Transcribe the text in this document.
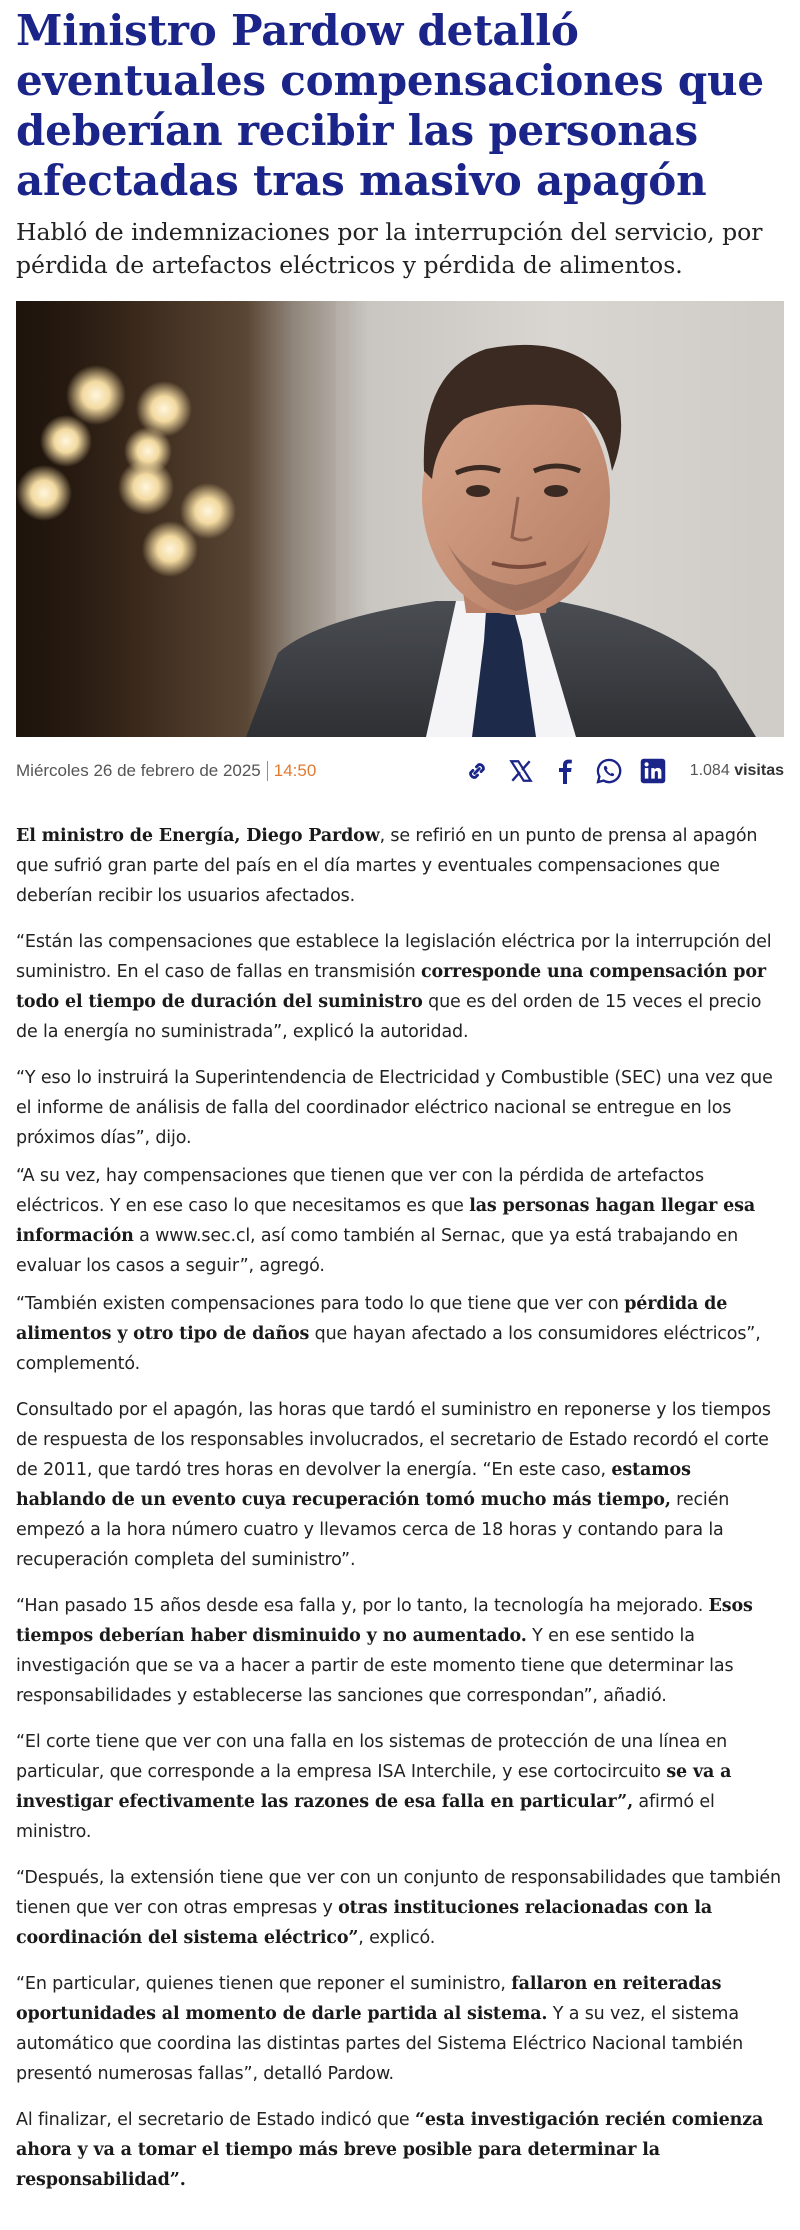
Ministro Pardow detalló eventuales compensaciones que deberían recibir las personas afectadas tras masivo apagón

Habló de indemnizaciones por la interrupción del servicio, por pérdida de artefactos eléctricos y pérdida de alimentos.

Miércoles 26 de febrero de 2025 14:50	1.084 visitas

El ministro de Energía, Diego Pardow, se refirió en un punto de prensa al apagón que sufrió gran parte del país en el día martes y eventuales compensaciones que deberían recibir los usuarios afectados.

“Están las compensaciones que establece la legislación eléctrica por la interrupción del suministro. En el caso de fallas en transmisión corresponde una compensación por todo el tiempo de duración del suministro que es del orden de 15 veces el precio de la energía no suministrada”, explicó la autoridad.

“Y eso lo instruirá la Superintendencia de Electricidad y Combustible (SEC) una vez que el informe de análisis de falla del coordinador eléctrico nacional se entregue en los próximos días”, dijo.

“A su vez, hay compensaciones que tienen que ver con la pérdida de artefactos eléctricos. Y en ese caso lo que necesitamos es que las personas hagan llegar esa información a www.sec.cl, así como también al Sernac, que ya está trabajando en evaluar los casos a seguir”, agregó.

“También existen compensaciones para todo lo que tiene que ver con pérdida de alimentos y otro tipo de daños que hayan afectado a los consumidores eléctricos”, complementó.

Consultado por el apagón, las horas que tardó el suministro en reponerse y los tiempos de respuesta de los responsables involucrados, el secretario de Estado recordó el corte de 2011, que tardó tres horas en devolver la energía. “En este caso, estamos hablando de un evento cuya recuperación tomó mucho más tiempo, recién empezó a la hora número cuatro y llevamos cerca de 18 horas y contando para la recuperación completa del suministro”.

“Han pasado 15 años desde esa falla y, por lo tanto, la tecnología ha mejorado. Esos tiempos deberían haber disminuido y no aumentado. Y en ese sentido la investigación que se va a hacer a partir de este momento tiene que determinar las responsabilidades y establecerse las sanciones que correspondan”, añadió.

“El corte tiene que ver con una falla en los sistemas de protección de una línea en particular, que corresponde a la empresa ISA Interchile, y ese cortocircuito se va a investigar efectivamente las razones de esa falla en particular”, afirmó el ministro.

“Después, la extensión tiene que ver con un conjunto de responsabilidades que también tienen que ver con otras empresas y otras instituciones relacionadas con la coordinación del sistema eléctrico”, explicó.

“En particular, quienes tienen que reponer el suministro, fallaron en reiteradas oportunidades al momento de darle partida al sistema. Y a su vez, el sistema automático que coordina las distintas partes del Sistema Eléctrico Nacional también presentó numerosas fallas”, detalló Pardow.

Al finalizar, el secretario de Estado indicó que “esta investigación recién comienza ahora y va a tomar el tiempo más breve posible para determinar la responsabilidad”.
